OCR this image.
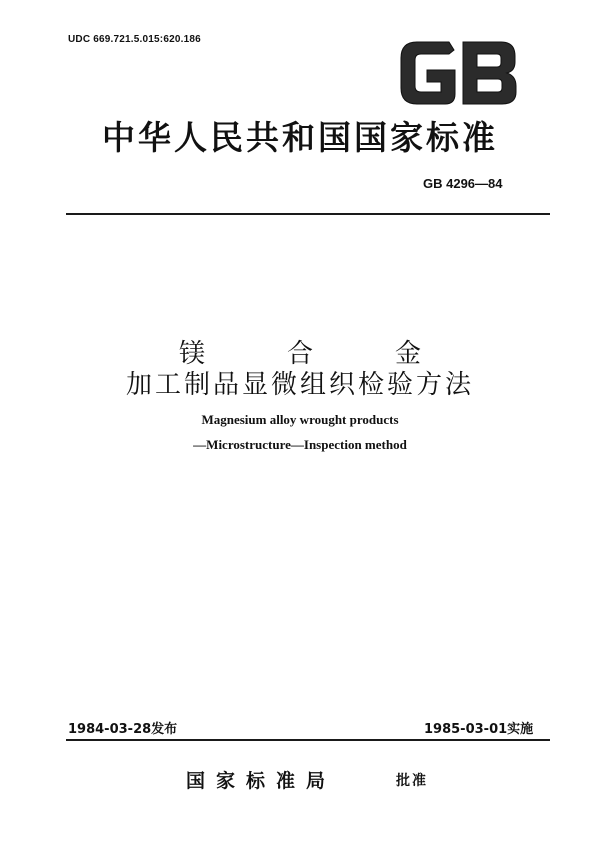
UDC 669.721.5.015:620.186
中华人民共和国国家标准
GB 4296—84
镁	合	金
加工制品显微组织检验方法
Magnesium alloy wrought products
—Microstructure—Inspection method
1984-03-28发布	1985-03-01实施
国家标准局	批准
